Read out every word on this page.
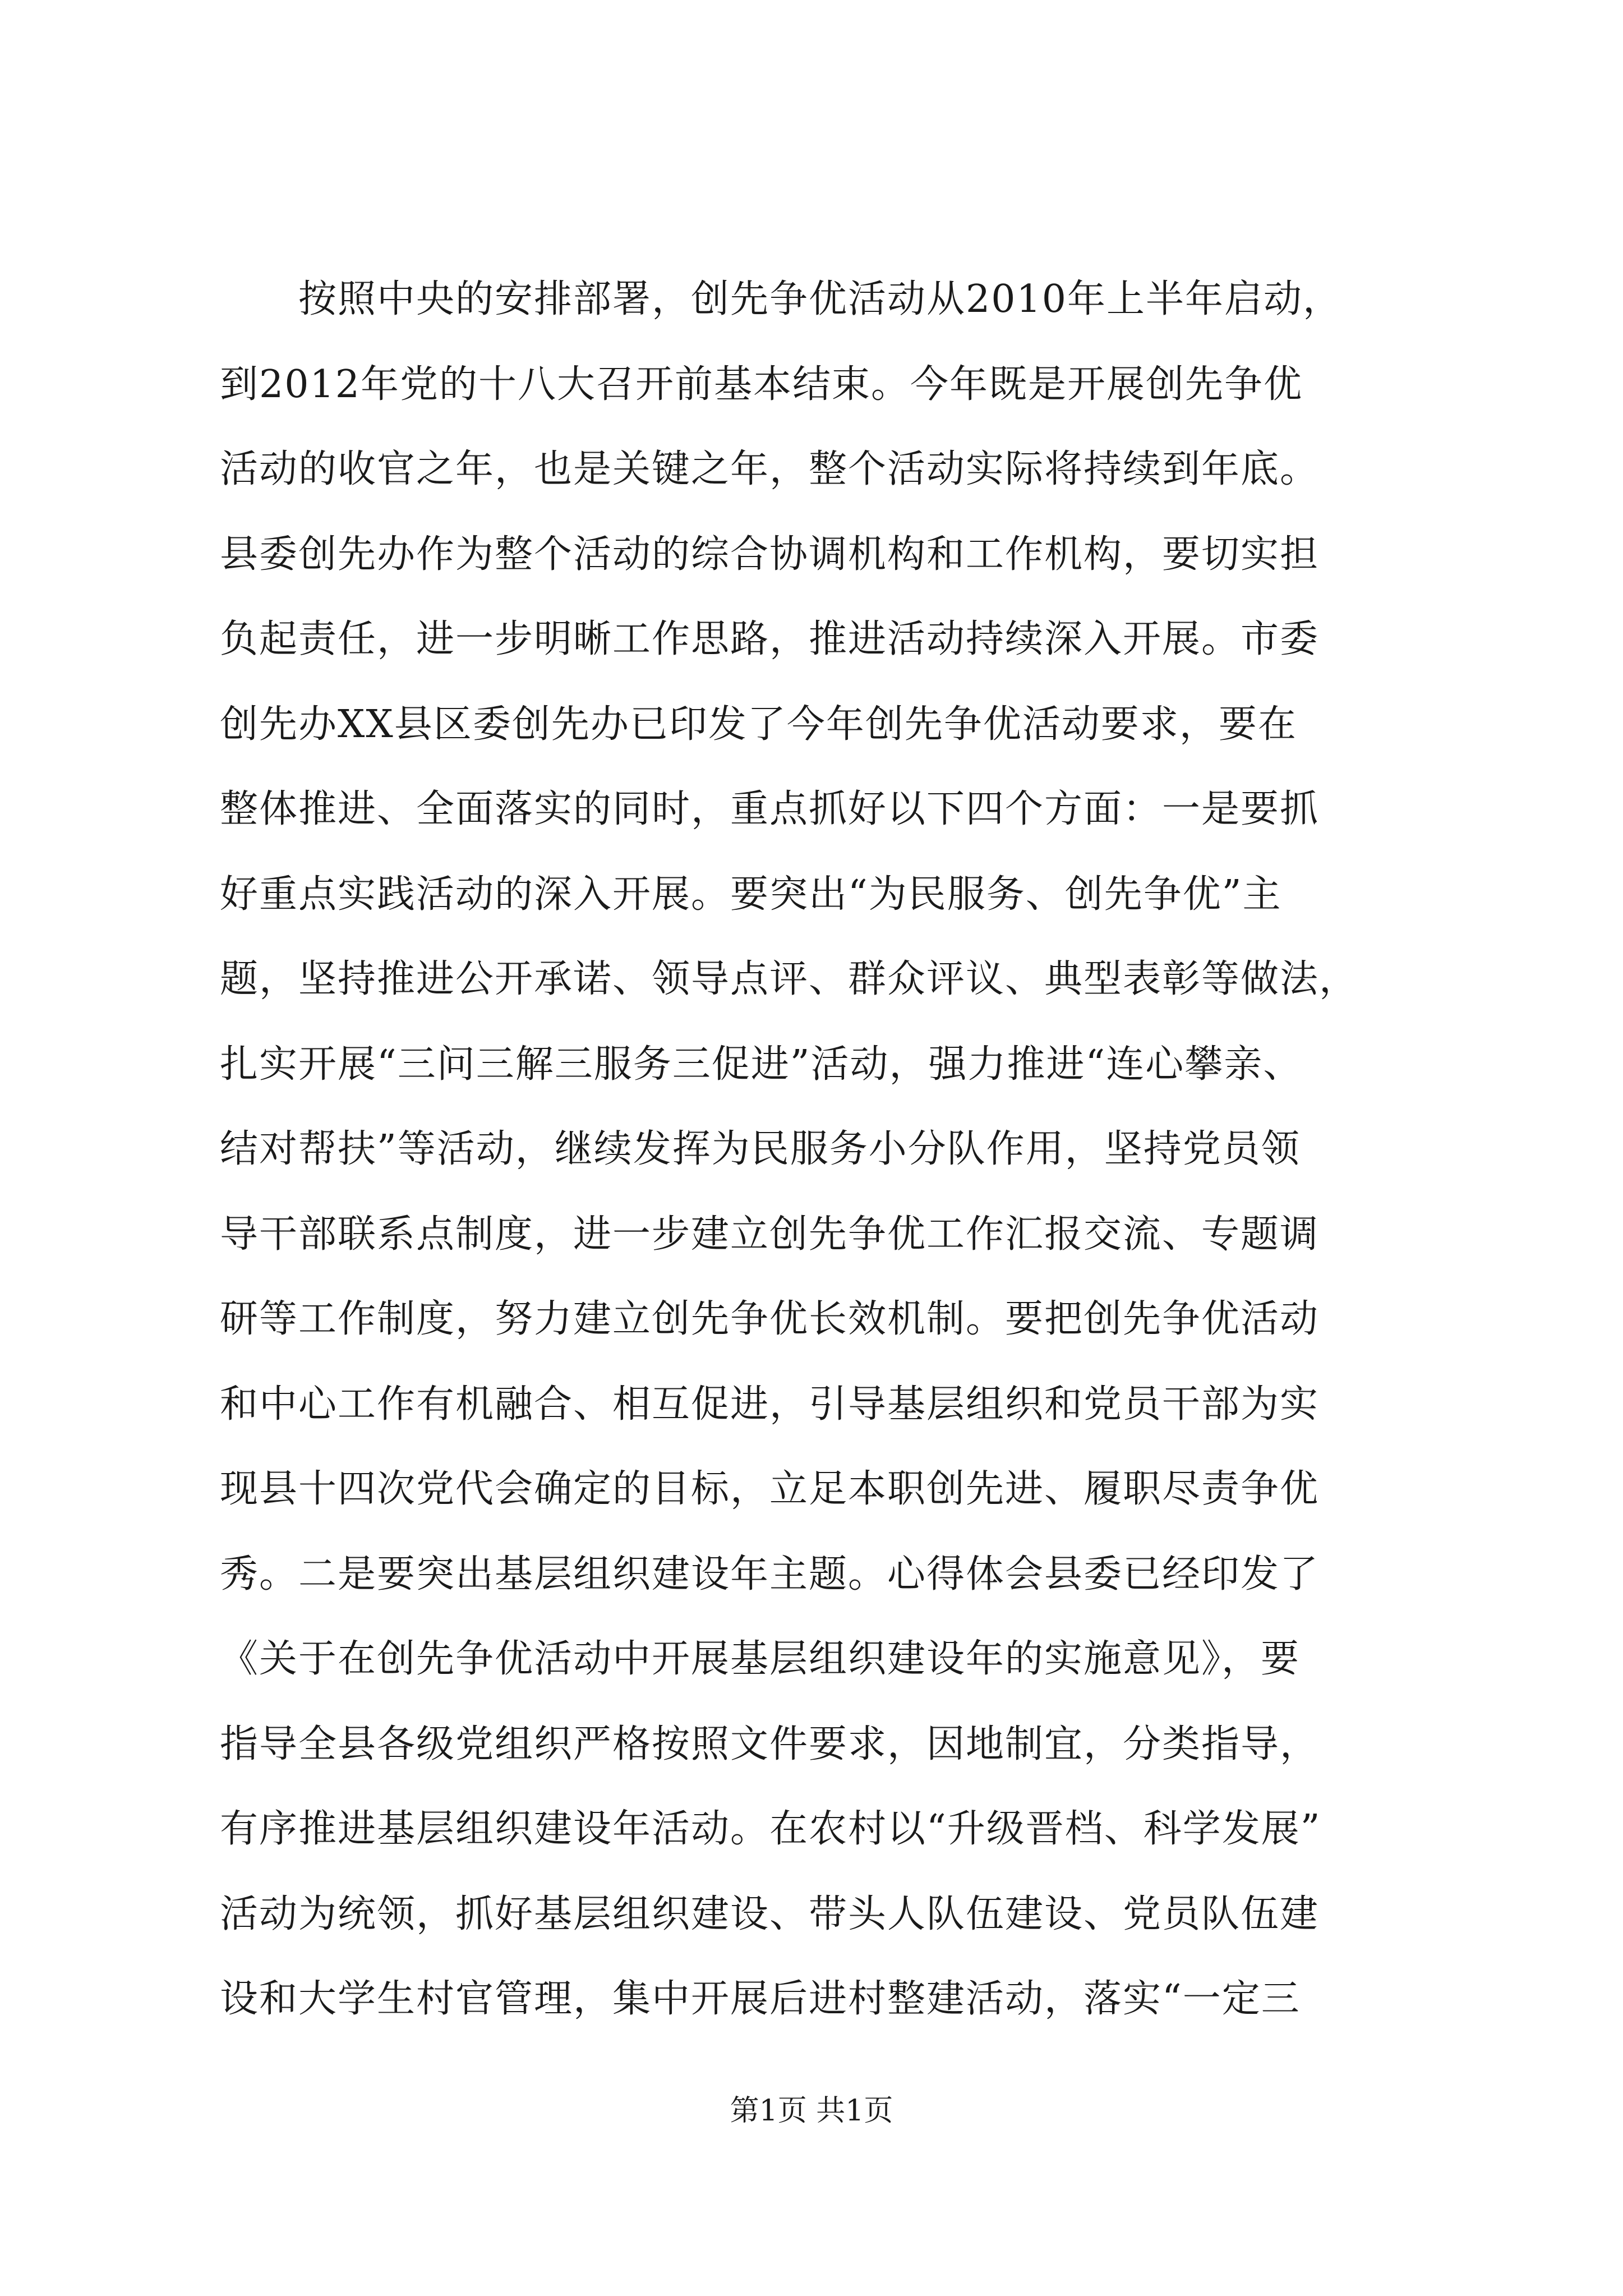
　　按照中央的安排部署，创先争优活动从2010年上半年启动，
到2012年党的十八大召开前基本结束。今年既是开展创先争优
活动的收官之年，也是关键之年，整个活动实际将持续到年底。
县委创先办作为整个活动的综合协调机构和工作机构，要切实担
负起责任，进一步明晰工作思路，推进活动持续深入开展。市委
创先办XX县区委创先办已印发了今年创先争优活动要求，要在
整体推进、全面落实的同时，重点抓好以下四个方面：一是要抓
好重点实践活动的深入开展。要突出“为民服务、创先争优”主
题，坚持推进公开承诺、领导点评、群众评议、典型表彰等做法，
扎实开展“三问三解三服务三促进”活动，强力推进“连心攀亲、
结对帮扶”等活动，继续发挥为民服务小分队作用，坚持党员领
导干部联系点制度，进一步建立创先争优工作汇报交流、专题调
研等工作制度，努力建立创先争优长效机制。要把创先争优活动
和中心工作有机融合、相互促进，引导基层组织和党员干部为实
现县十四次党代会确定的目标，立足本职创先进、履职尽责争优
秀。二是要突出基层组织建设年主题。心得体会县委已经印发了
《关于在创先争优活动中开展基层组织建设年的实施意见》，要
指导全县各级党组织严格按照文件要求，因地制宜，分类指导，
有序推进基层组织建设年活动。在农村以“升级晋档、科学发展”
活动为统领，抓好基层组织建设、带头人队伍建设、党员队伍建
设和大学生村官管理，集中开展后进村整建活动，落实“一定三
第1页 共1页
